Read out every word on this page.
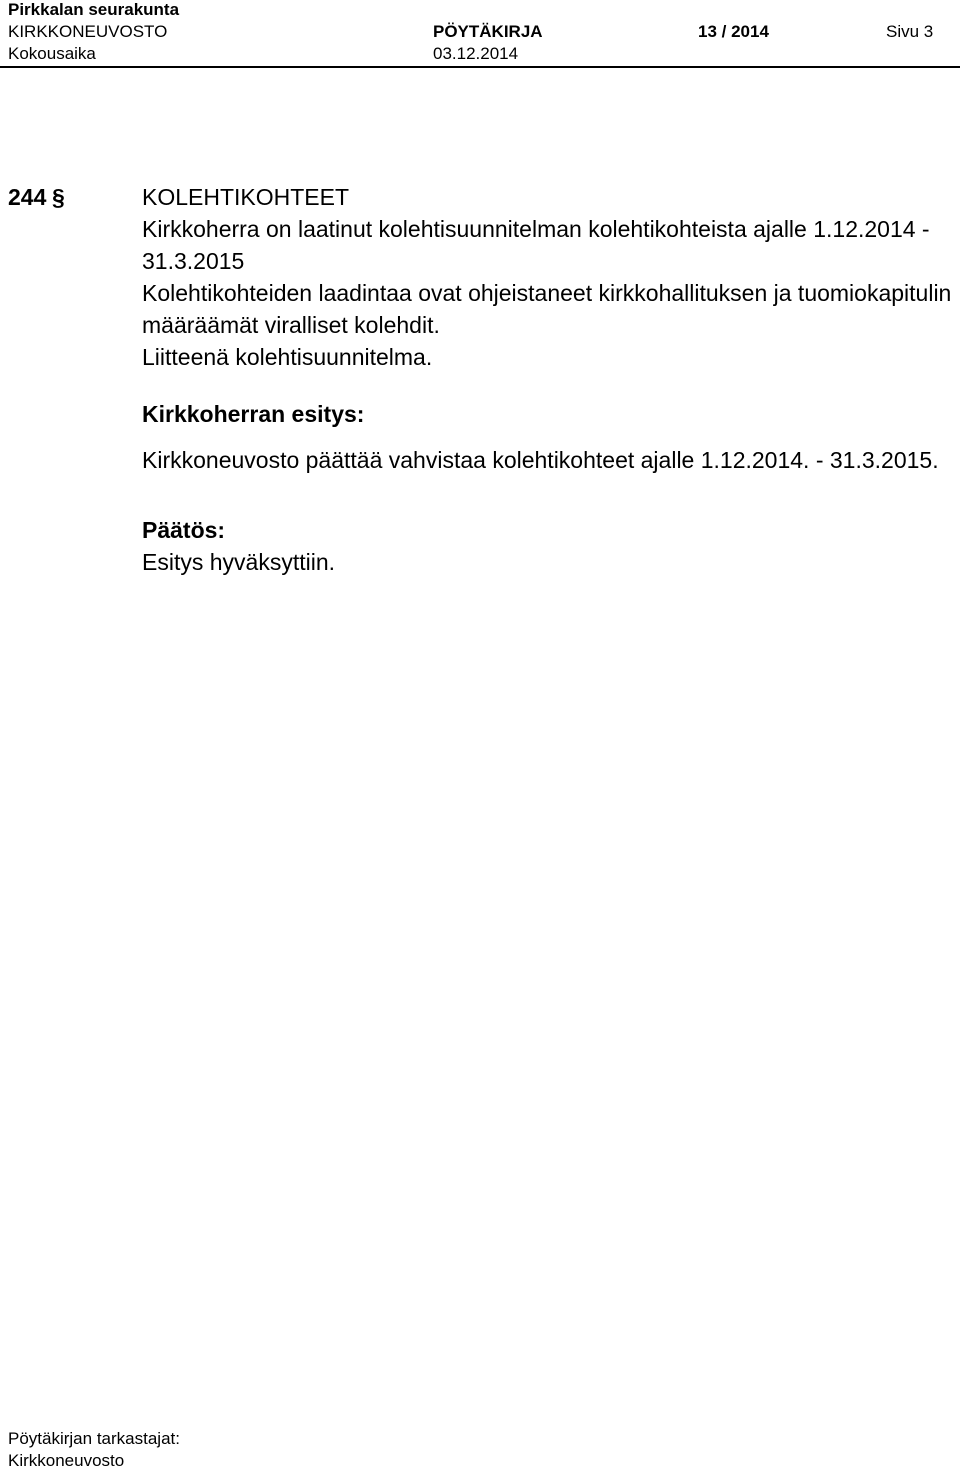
Pirkkalan seurakunta
KIRKKONEUVOSTO	PÖYTÄKIRJA	13 / 2014	Sivu 3
Kokousaika	03.12.2014
244 §	KOLEHTIKOHTEET
Kirkkoherra on laatinut kolehtisuunnitelman kolehtikohteista ajalle 1.12.2014 -
31.3.2015
Kolehtikohteiden laadintaa ovat ohjeistaneet kirkkohallituksen ja tuomiokapitulin
määräämät viralliset kolehdit.
Liitteenä kolehtisuunnitelma.
Kirkkoherran esitys:
Kirkkoneuvosto päättää vahvistaa kolehtikohteet ajalle 1.12.2014. - 31.3.2015.
Päätös:
Esitys hyväksyttiin.
Pöytäkirjan tarkastajat:
Kirkkoneuvosto
